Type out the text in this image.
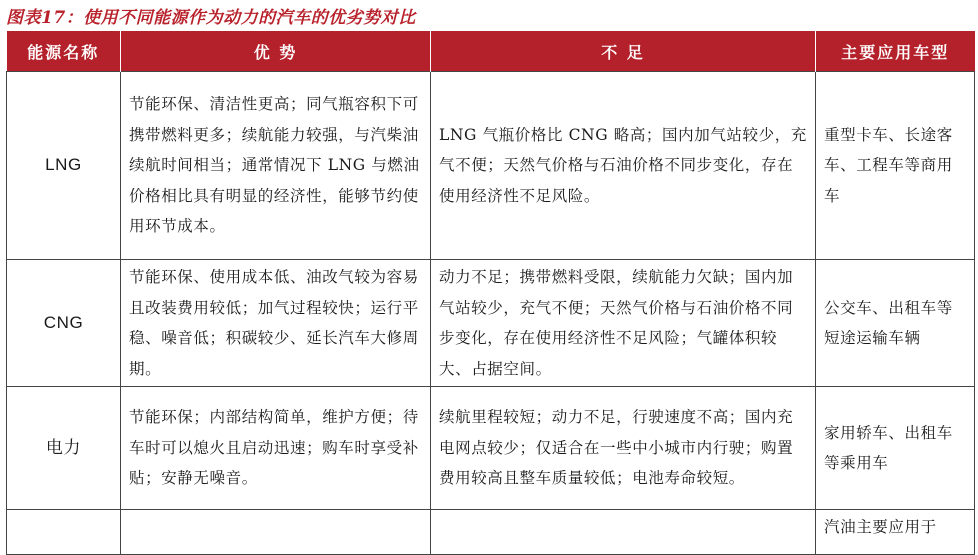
图表17：使用不同能源作为动力的汽车的优劣势对比
能源名称	优 势	不 足	主要应用车型
LNG	节能环保、清洁性更高；同气瓶容积下可携带燃料更多；续航能力较强，与汽柴油续航时间相当；通常情况下 LNG 与燃油价格相比具有明显的经济性，能够节约使用环节成本。	LNG 气瓶价格比 CNG 略高；国内加气站较少，充气不便；天然气价格与石油价格不同步变化，存在使用经济性不足风险。	重型卡车、长途客车、工程车等商用车
CNG	节能环保、使用成本低、油改气较为容易且改装费用较低；加气过程较快；运行平稳、噪音低；积碳较少、延长汽车大修周期。	动力不足；携带燃料受限，续航能力欠缺；国内加气站较少，充气不便；天然气价格与石油价格不同步变化，存在使用经济性不足风险；气罐体积较大、占据空间。	公交车、出租车等短途运输车辆
电力	节能环保；内部结构简单，维护方便；待车时可以熄火且启动迅速；购车时享受补贴；安静无噪音。	续航里程较短；动力不足，行驶速度不高；国内充电网点较少；仅适合在一些中小城市内行驶；购置费用较高且整车质量较低；电池寿命较短。	家用轿车、出租车等乘用车
			汽油主要应用于
